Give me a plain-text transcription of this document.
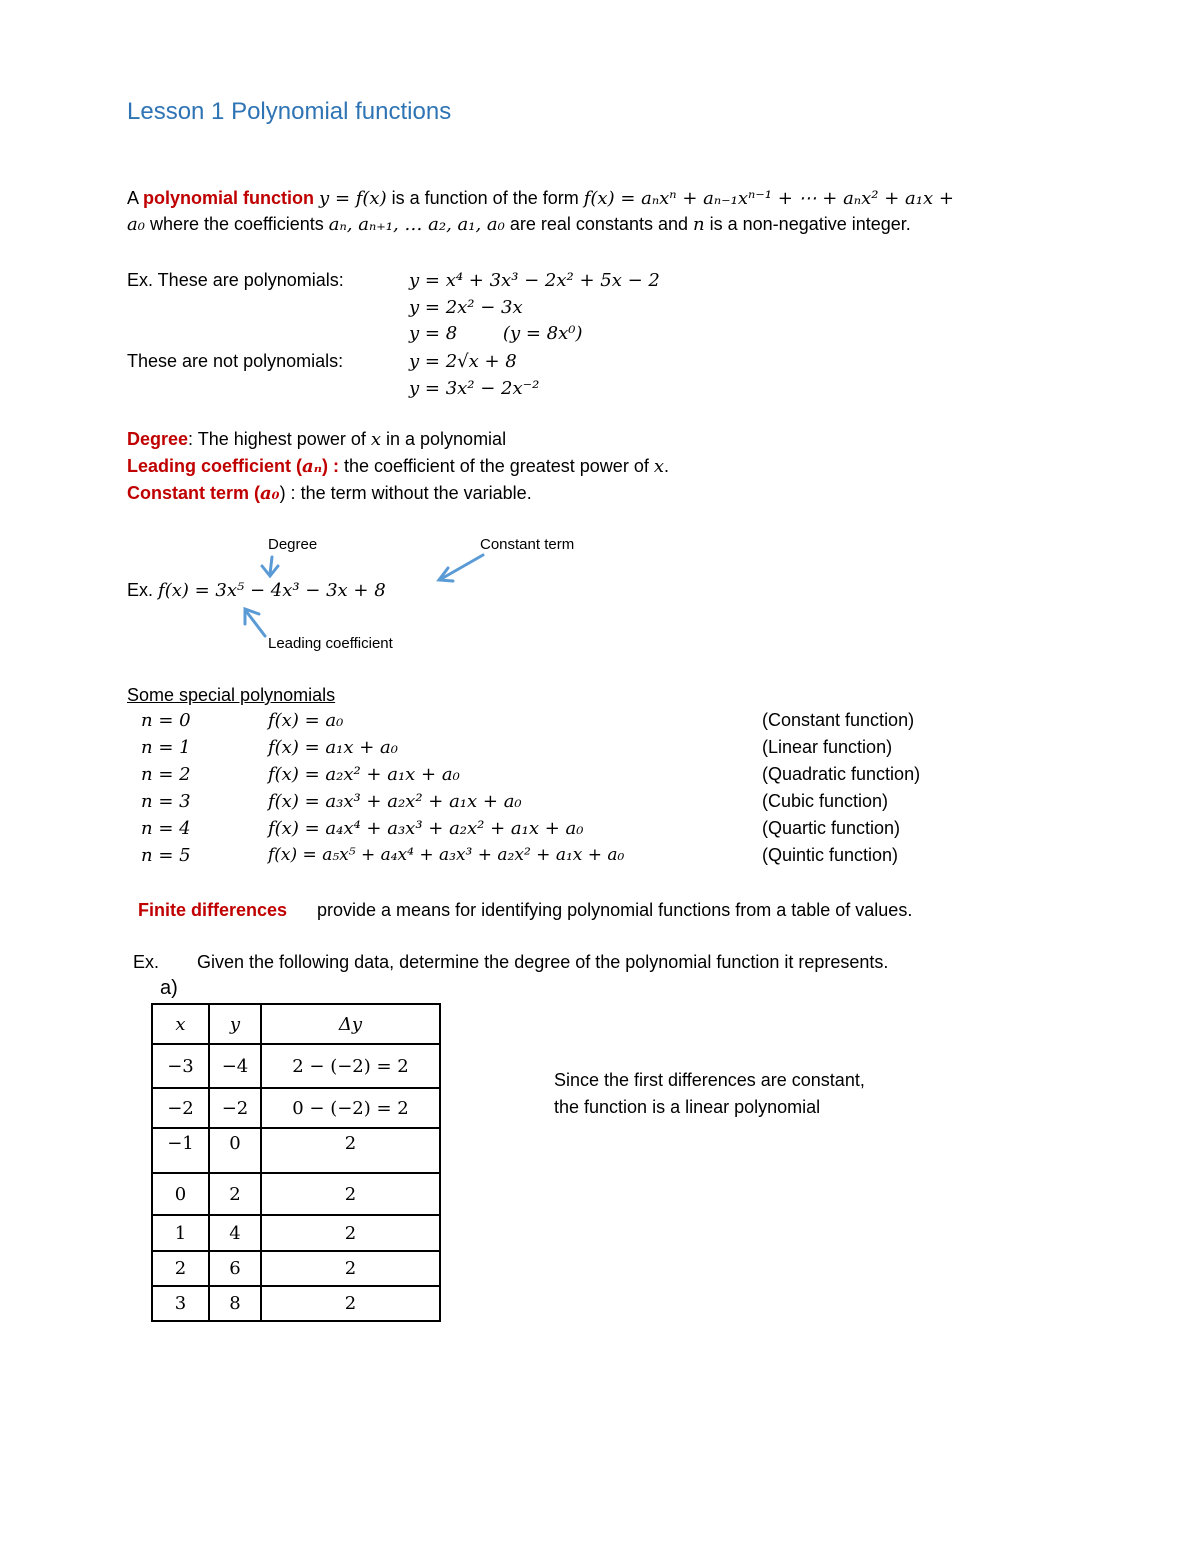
Lesson 1 Polynomial functions
A polynomial function y = f(x) is a function of the form f(x) = aₙxⁿ + aₙ₋₁xⁿ⁻¹ + ⋯ + aₙx² + a₁x +
a₀ where the coefficients aₙ, aₙ₊₁, … a₂, a₁, a₀ are real constants and n is a non-negative integer.
Ex. These are polynomials:	y = x⁴ + 3x³ − 2x² + 5x − 2
y = 2x² − 3x
y = 8        (y = 8x⁰)
These are not polynomials:	y = 2√x + 8
y = 3x² − 2x⁻²
Degree: The highest power of x in a polynomial
Leading coefficient (aₙ) : the coefficient of the greatest power of x.
Constant term (a₀) : the term without the variable.
Degree	Constant term
Ex. f(x) = 3x⁵ − 4x³ − 3x + 8
Leading coefficient
Some special polynomials
n = 0	f(x) = a₀	(Constant function)
n = 1	f(x) = a₁x + a₀	(Linear function)
n = 2	f(x) = a₂x² + a₁x + a₀	(Quadratic function)
n = 3	f(x) = a₃x³ + a₂x² + a₁x + a₀	(Cubic function)
n = 4	f(x) = a₄x⁴ + a₃x³ + a₂x² + a₁x + a₀	(Quartic function)
n = 5	f(x) = a₅x⁵ + a₄x⁴ + a₃x³ + a₂x² + a₁x + a₀	(Quintic function)
Finite differences provide a means for identifying polynomial functions from a table of values.
Ex. Given the following data, determine the degree of the polynomial function it represents.
a)
x	y	Δy
−3	−4	2 − (−2) = 2
−2	−2	0 − (−2) = 2
−1	0	2
0	2	2
1	4	2
2	6	2
3	8	2
Since the first differences are constant,
the function is a linear polynomial
